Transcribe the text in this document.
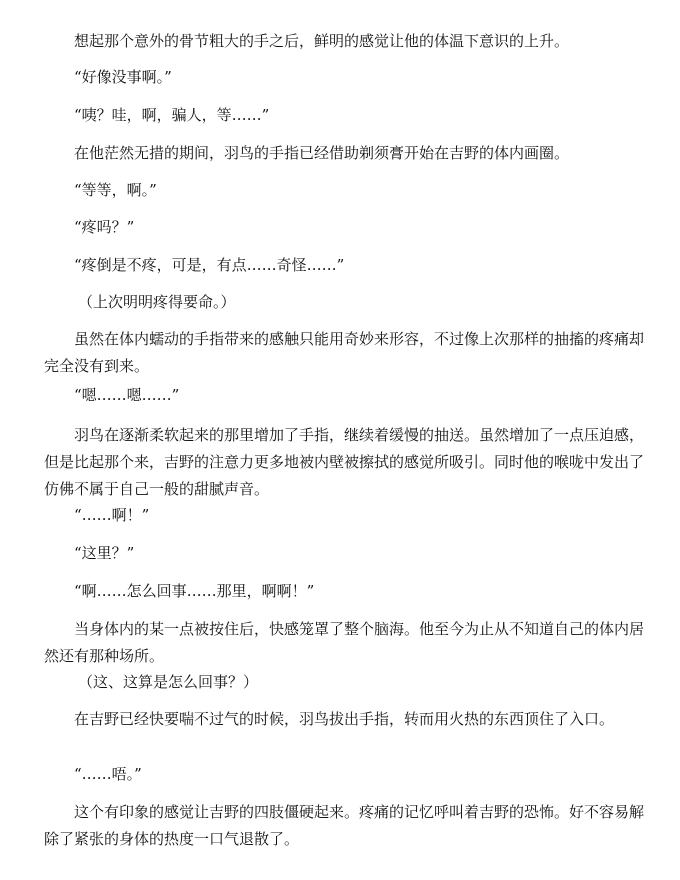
想起那个意外的骨节粗大的手之后，鲜明的感觉让他的体温下意识的上升。

“好像没事啊。”

“咦？哇，啊，骗人，等……”

在他茫然无措的期间，羽鸟的手指已经借助剃须膏开始在吉野的体内画圈。

“等等，啊。”

“疼吗？”

“疼倒是不疼，可是，有点……奇怪……”

（上次明明疼得要命。）

虽然在体内蠕动的手指带来的感触只能用奇妙来形容，不过像上次那样的抽搐的疼痛却完全没有到来。

“嗯……嗯……”

羽鸟在逐渐柔软起来的那里增加了手指，继续着缓慢的抽送。虽然增加了一点压迫感，但是比起那个来，吉野的注意力更多地被内壁被擦拭的感觉所吸引。同时他的喉咙中发出了仿佛不属于自己一般的甜腻声音。

“……啊！”

“这里？”

“啊……怎么回事……那里，啊啊！”

当身体内的某一点被按住后，快感笼罩了整个脑海。他至今为止从不知道自己的体内居然还有那种场所。

（这、这算是怎么回事？）

在吉野已经快要喘不过气的时候，羽鸟拔出手指，转而用火热的东西顶住了入口。

“……唔。”

这个有印象的感觉让吉野的四肢僵硬起来。疼痛的记忆呼叫着吉野的恐怖。好不容易解除了紧张的身体的热度一口气退散了。
